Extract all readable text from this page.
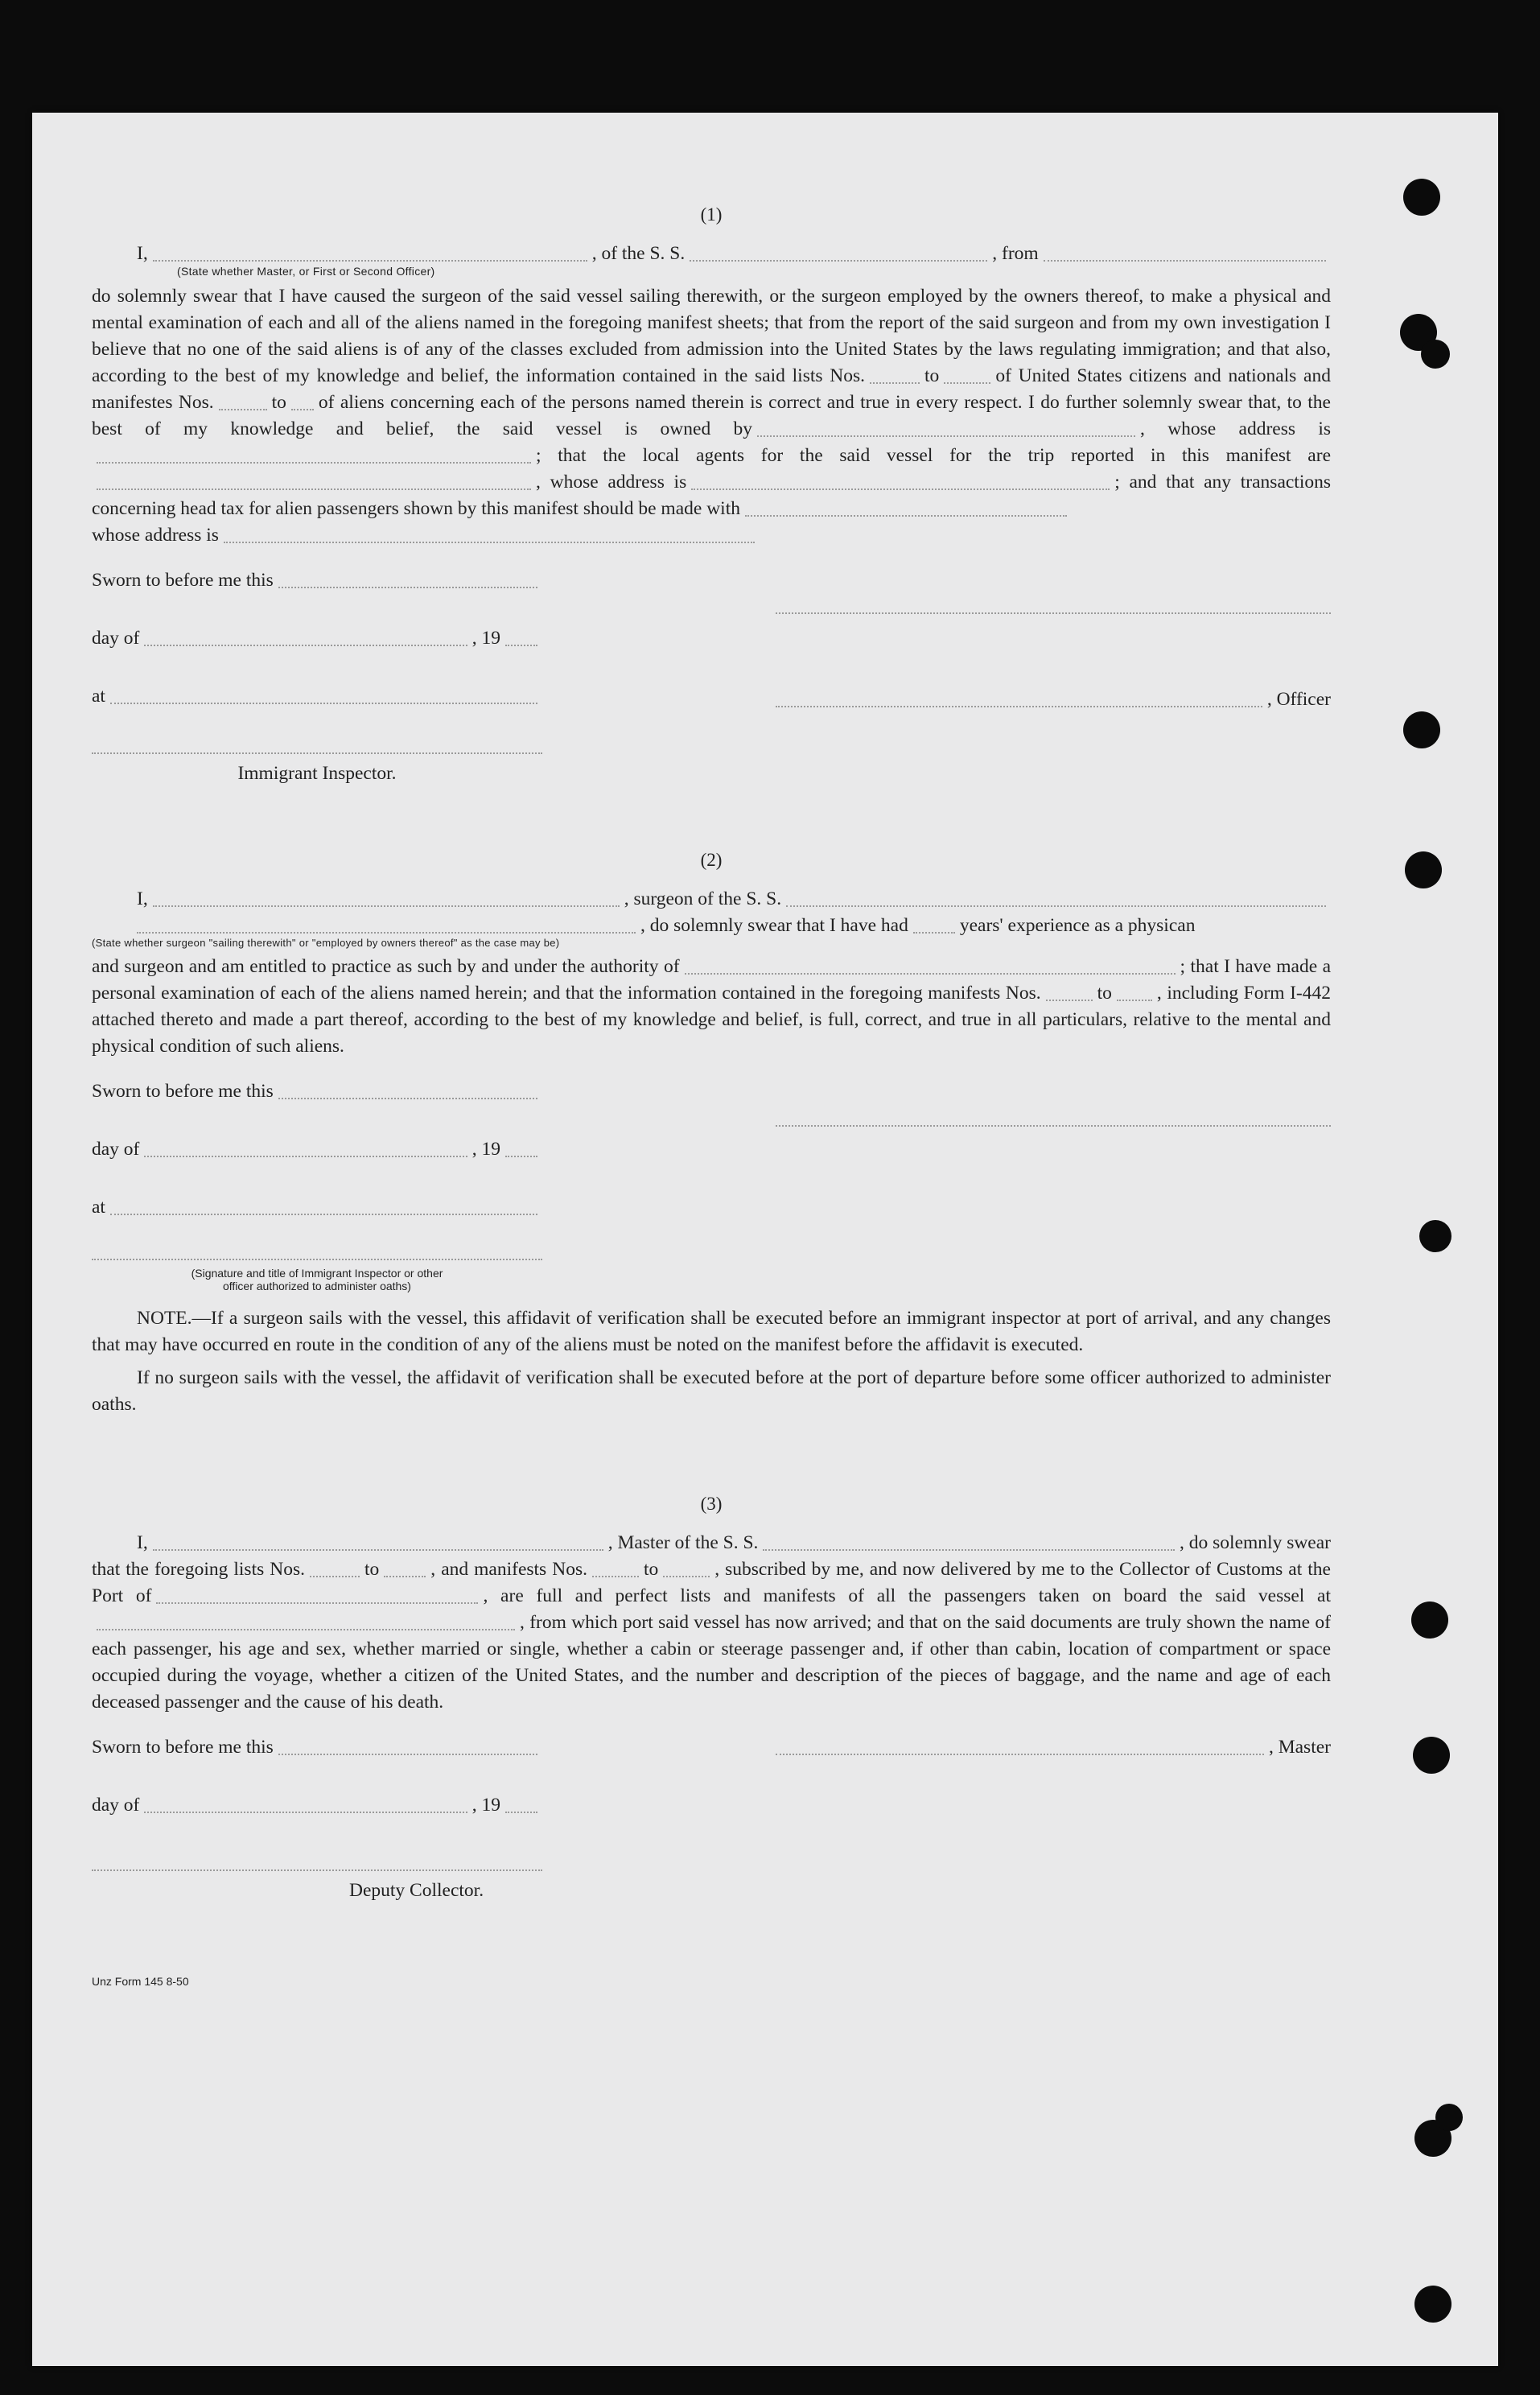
(1)
I,	, of the S. S.	, from
(State whether Master, or First or Second Officer)
do solemnly swear that I have caused the surgeon of the said vessel sailing therewith, or the surgeon employed by the owners thereof, to make a physical and mental examination of each and all of the aliens named in the foregoing manifest sheets; that from the report of the said surgeon and from my own investigation I believe that no one of the said aliens is of any of the classes excluded from admission into the United States by the laws regulating immigration; and that also, according to the best of my knowledge and belief, the information contained in the said lists Nos.	to	of United States citizens and nationals and manifestes Nos.	to of aliens concerning each of the persons named therein is correct and true in every respect. I do further solemnly swear that, to the best of my knowledge and belief, the said vessel is owned by	, whose address is; that the local agents for the said vessel for the trip reported in this manifest are, whose address is	; and that any transactions concerning head tax for alien passengers shown by this manifest should be made with
whose address is
Sworn to before me this
day of	, 19
at
Immigrant Inspector.
, Officer
(2)
I,	, surgeon of the S. S.
, do solemnly swear that I have had	years' experience as a physican
(State whether surgeon "sailing therewith" or "employed by owners thereof" as the case may be)
and surgeon and am entitled to practice as such by and under the authority of	; that I have made a personal examination of each of the aliens named herein; and that the information contained in the foregoing manifests Nos.	to , including Form I-442 attached thereto and made a part thereof, according to the best of my knowledge and belief, is full, correct, and true in all particulars, relative to the mental and physical condition of such aliens.
Sworn to before me this
day of	, 19
at
(Signature and title of Immigrant Inspector or other
officer authorized to administer oaths)
NOTE.—If a surgeon sails with the vessel, this affidavit of verification shall be executed before an immigrant inspector at port of arrival, and any changes that may have occurred en route in the condition of any of the aliens must be noted on the manifest before the affidavit is executed.
If no surgeon sails with the vessel, the affidavit of verification shall be executed before at the port of departure before some officer authorized to administer oaths.
(3)
I,	, Master of the S. S.	, do solemnly swear
that the foregoing lists Nos.	to	, and manifests Nos.	to	, subscribed by me, and now delivered by me to the Collector of Customs at the Port of	, are full and perfect lists and manifests of all the passengers taken on board the said vessel at, from which port said vessel has now arrived; and that on the said documents are truly shown the name of each passenger, his age and sex, whether married or single, whether a cabin or steerage passenger and, if other than cabin, location of compartment or space occupied during the voyage, whether a citizen of the United States, and the number and description of the pieces of baggage, and the name and age of each deceased passenger and the cause of his death.
Sworn to before me this
day of	, 19
Deputy Collector.
, Master
Unz Form 145 8-50
